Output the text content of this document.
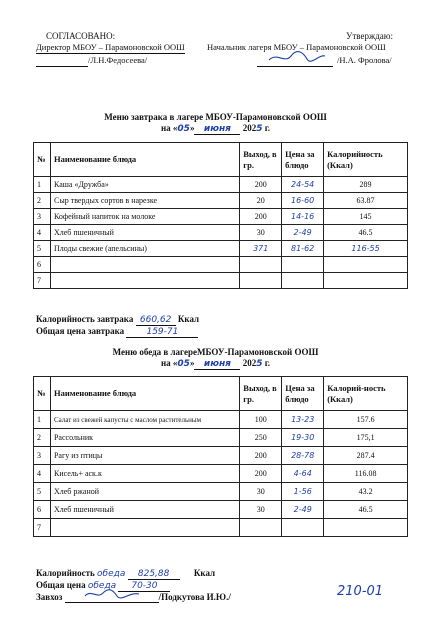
СОГЛАСОВАНО:
Директор МБОУ – Парамоновской ООШ
/Л.Н.Федосеева/
Утверждаю:
Начальник лагеря МБОУ – Парамоновской ООШ
/Н.А. Фролова/
Меню завтрака в лагере МБОУ-Парамоновской ООШ
на «05» июня 2025 г.
№	Наименование блюда	Выход, в гр.	Цена за блюдо	Калорийность (Ккал)
1	Каша «Дружба»	200	24-54	289
2	Сыр твердых сортов в нарезке	20	16-60	63.87
3	Кофейный напиток на молоке	200	14-16	145
4	Хлеб пшеничный	30	2-49	46.5
5	Плоды свежие (апельсины)	371	81-62	116-55
6				
7				
Калорийность завтрака 660,62 Ккал
Общая цена завтрака 159-71
Меню обеда в лагереМБОУ-Парамоновской ООШ
на «05» июня 2025 г.
№	Наименование блюда	Выход, в гр.	Цена за блюдо	Калорий-ность (Ккал)
1	Салат из свежей капусты с маслом растительным	100	13-23	157.6
2	Рассольник	250	19-30	175,1
3	Рагу из птицы	200	28-78	287.4
4	Кисель+ аск.к	200	4-64	116.08
5	Хлеб ржаной	30	1-56	43.2
6	Хлеб пшеничный	30	2-49	46.5
7				
Калорийность обеда 825,88	Ккал
Общая цена обеда 70-30
Завхоз	/Подкутова И.Ю./	210-01
